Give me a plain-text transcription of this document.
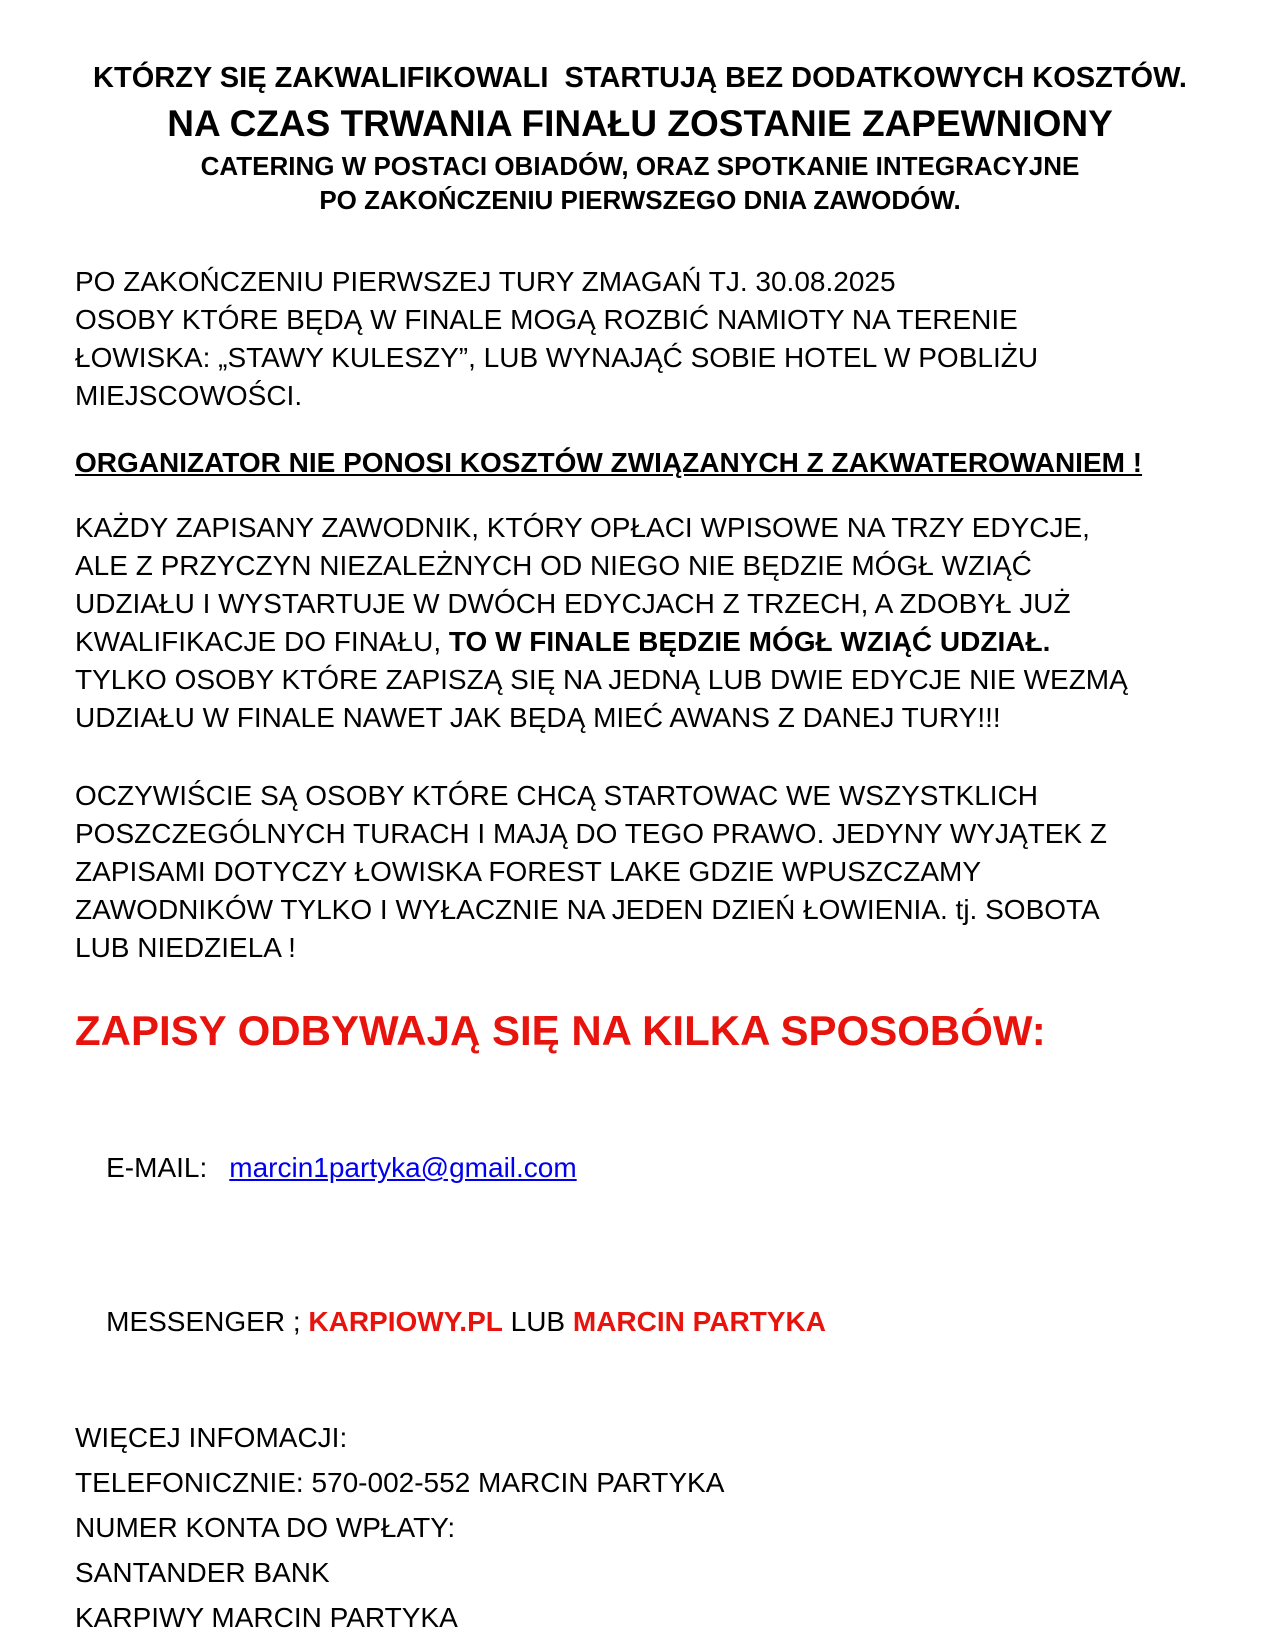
KTÓRZY SIĘ ZAKWALIFIKOWALI  STARTUJĄ BEZ DODATKOWYCH KOSZTÓW.
NA CZAS TRWANIA FINAŁU ZOSTANIE ZAPEWNIONY
CATERING W POSTACI OBIADÓW, ORAZ SPOTKANIE INTEGRACYJNE
PO ZAKOŃCZENIU PIERWSZEGO DNIA ZAWODÓW.
PO ZAKOŃCZENIU PIERWSZEJ TURY ZMAGAŃ TJ. 30.08.2025
OSOBY KTÓRE BĘDĄ W FINALE MOGĄ ROZBIĆ NAMIOTY NA TERENIE
ŁOWISKA: „STAWY KULESZY”, LUB WYNAJĄĆ SOBIE HOTEL W POBLIŻU
MIEJSCOWOŚCI.
ORGANIZATOR NIE PONOSI KOSZTÓW ZWIĄZANYCH Z ZAKWATEROWANIEM !
KAŻDY ZAPISANY ZAWODNIK, KTÓRY OPŁACI WPISOWE NA TRZY EDYCJE,
ALE Z PRZYCZYN NIEZALEŻNYCH OD NIEGO NIE BĘDZIE MÓGŁ WZIĄĆ
UDZIAŁU I WYSTARTUJE W DWÓCH EDYCJACH Z TRZECH, A ZDOBYŁ JUŻ
KWALIFIKACJE DO FINAŁU, TO W FINALE BĘDZIE MÓGŁ WZIĄĆ UDZIAŁ.
TYLKO OSOBY KTÓRE ZAPISZĄ SIĘ NA JEDNĄ LUB DWIE EDYCJE NIE WEZMĄ
UDZIAŁU W FINALE NAWET JAK BĘDĄ MIEĆ AWANS Z DANEJ TURY!!!
OCZYWIŚCIE SĄ OSOBY KTÓRE CHCĄ STARTOWAC WE WSZYSTKLICH
POSZCZEGÓLNYCH TURACH I MAJĄ DO TEGO PRAWO. JEDYNY WYJĄTEK Z
ZAPISAMI DOTYCZY ŁOWISKA FOREST LAKE GDZIE WPUSZCZAMY
ZAWODNIKÓW TYLKO I WYŁACZNIE NA JEDEN DZIEŃ ŁOWIENIA. tj. SOBOTA
LUB NIEDZIELA !
ZAPISY ODBYWAJĄ SIĘ NA KILKA SPOSOBÓW:

E-MAIL: marcin1partyka@gmail.com

MESSENGER ; KARPIOWY.PL LUB MARCIN PARTYKA

WIĘCEJ INFOMACJI:
TELEFONICZNIE: 570-002-552 MARCIN PARTYKA
NUMER KONTA DO WPŁATY:
SANTANDER BANK
KARPIWY MARCIN PARTYKA
